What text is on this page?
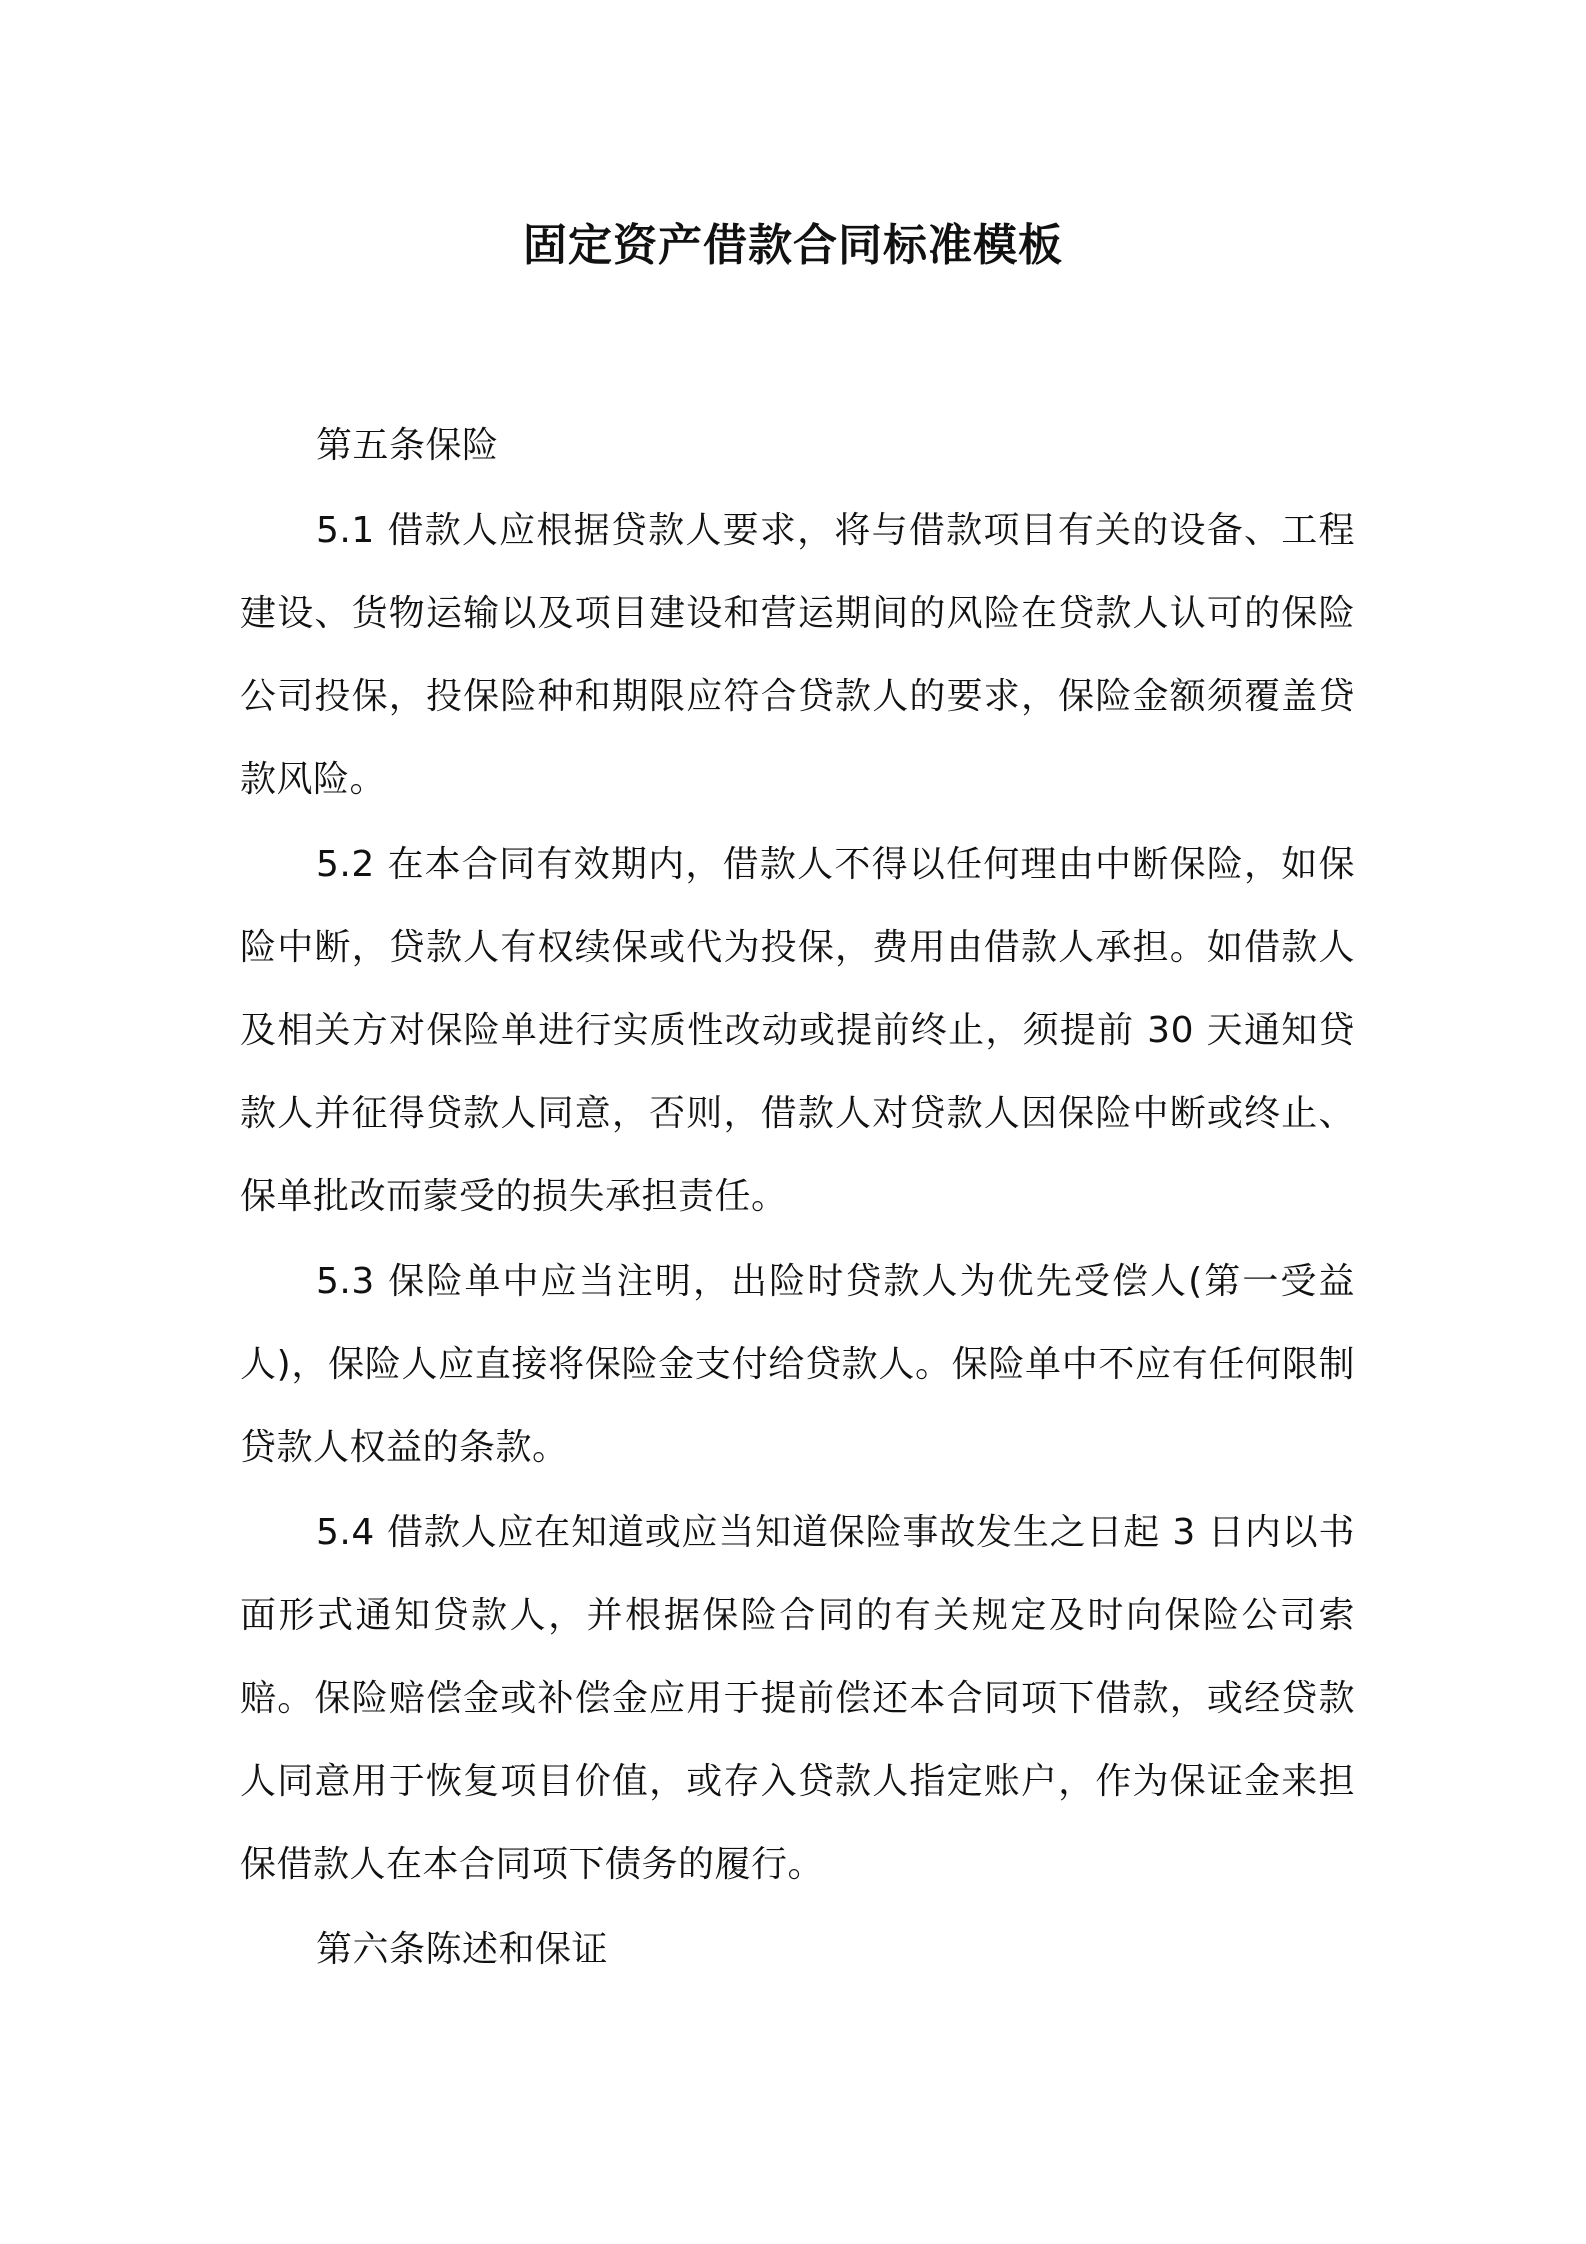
固定资产借款合同标准模板

第五条保险

5.1 借款人应根据贷款人要求，将与借款项目有关的设备、工程建设、货物运输以及项目建设和营运期间的风险在贷款人认可的保险公司投保，投保险种和期限应符合贷款人的要求，保险金额须覆盖贷款风险。

5.2 在本合同有效期内，借款人不得以任何理由中断保险，如保险中断，贷款人有权续保或代为投保，费用由借款人承担。如借款人及相关方对保险单进行实质性改动或提前终止，须提前 30 天通知贷款人并征得贷款人同意，否则，借款人对贷款人因保险中断或终止、保单批改而蒙受的损失承担责任。

5.3 保险单中应当注明，出险时贷款人为优先受偿人(第一受益人)，保险人应直接将保险金支付给贷款人。保险单中不应有任何限制贷款人权益的条款。

5.4 借款人应在知道或应当知道保险事故发生之日起 3 日内以书面形式通知贷款人，并根据保险合同的有关规定及时向保险公司索赔。保险赔偿金或补偿金应用于提前偿还本合同项下借款，或经贷款人同意用于恢复项目价值，或存入贷款人指定账户，作为保证金来担保借款人在本合同项下债务的履行。

第六条陈述和保证
